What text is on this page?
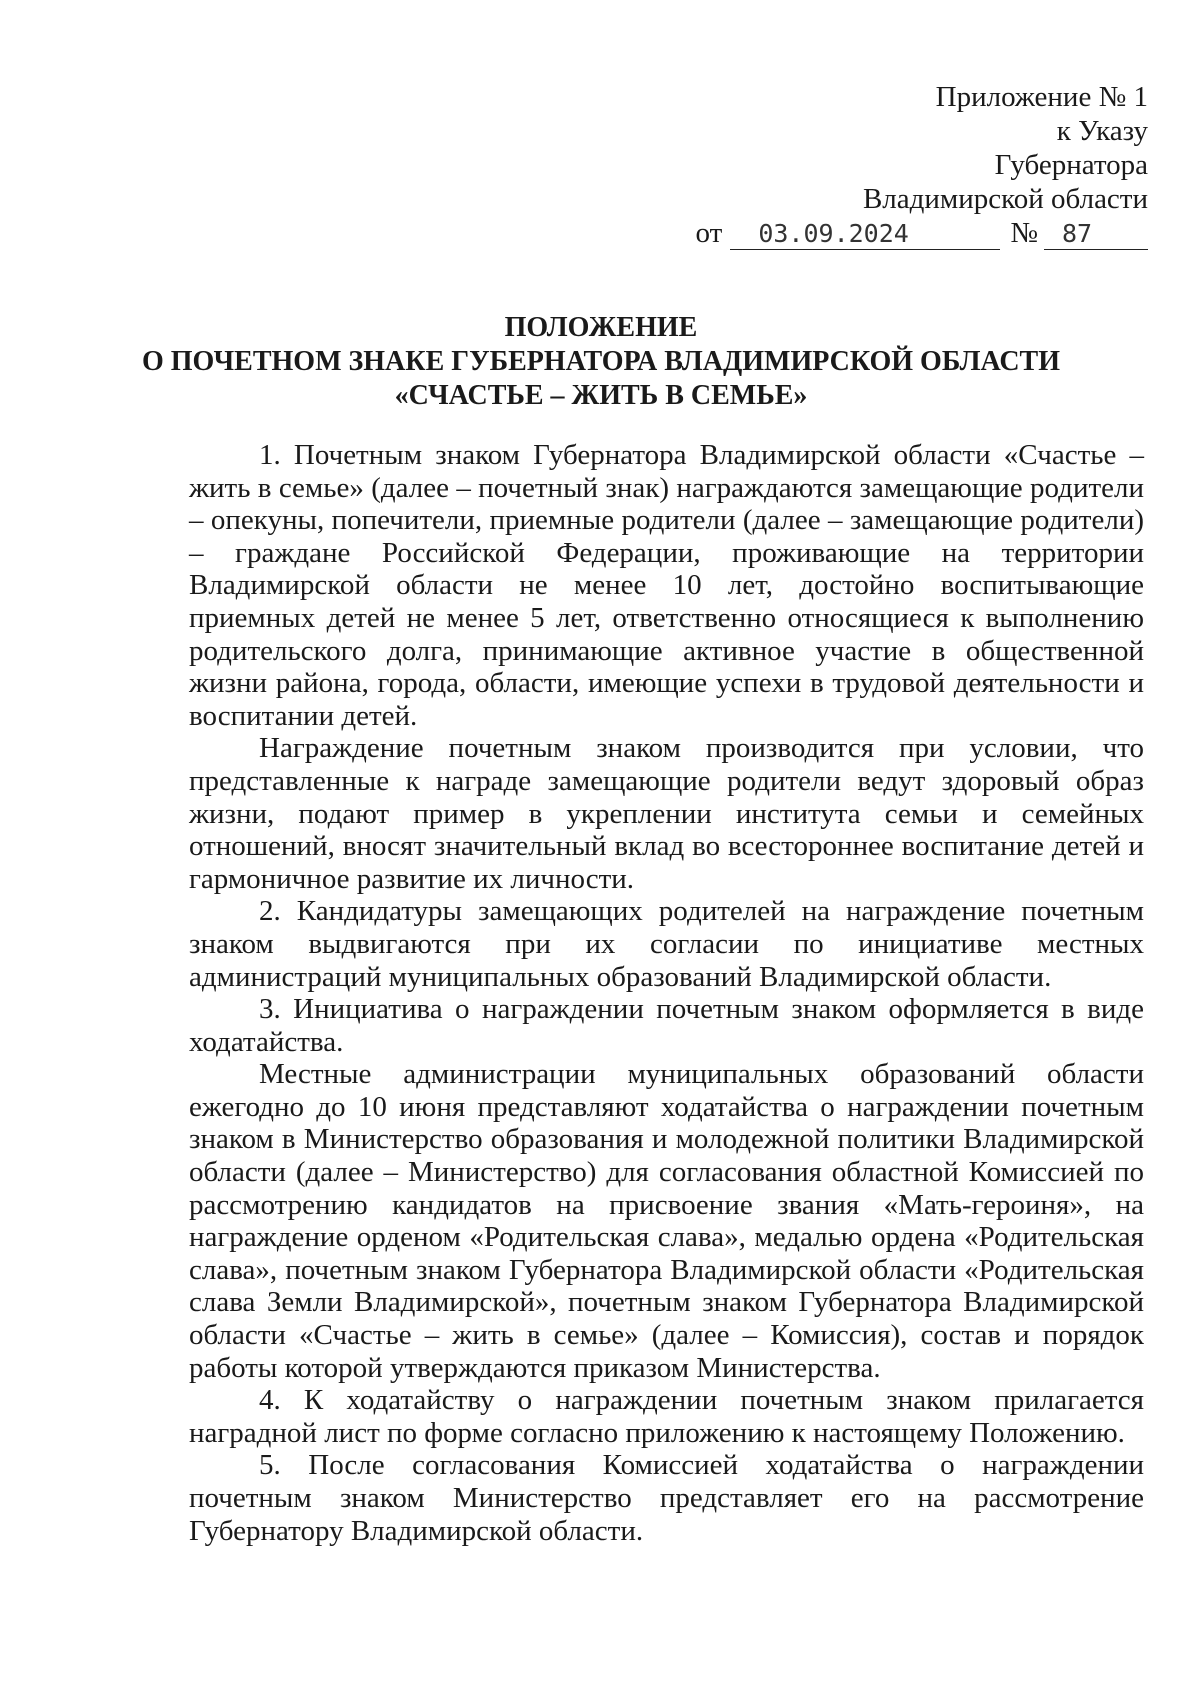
Приложение № 1
к Указу
Губернатора
Владимирской области
от	03.09.2024	№ 87
ПОЛОЖЕНИЕ
О ПОЧЕТНОМ ЗНАКЕ ГУБЕРНАТОРА ВЛАДИМИРСКОЙ ОБЛАСТИ
«СЧАСТЬЕ – ЖИТЬ В СЕМЬЕ»

1. Почетным знаком Губернатора Владимирской области «Счастье – жить в семье» (далее – почетный знак) награждаются замещающие родители – опекуны, попечители, приемные родители (далее – замещающие родители) – граждане Российской Федерации, проживающие на территории Владимирской области не менее 10 лет, достойно воспитывающие приемных детей не менее 5 лет, ответственно относящиеся к выполнению родительского долга, принимающие активное участие в общественной жизни района, города, области, имеющие успехи в трудовой деятельности и воспитании детей.

Награждение почетным знаком производится при условии, что представленные к награде замещающие родители ведут здоровый образ жизни, подают пример в укреплении института семьи и семейных отношений, вносят значительный вклад во всестороннее воспитание детей и гармоничное развитие их личности.

2. Кандидатуры замещающих родителей на награждение почетным знаком выдвигаются при их согласии по инициативе местных администраций муниципальных образований Владимирской области.

3. Инициатива о награждении почетным знаком оформляется в виде ходатайства.

Местные администрации муниципальных образований области ежегодно до 10 июня представляют ходатайства о награждении почетным знаком в Министерство образования и молодежной политики Владимирской области (далее – Министерство) для согласования областной Комиссией по рассмотрению кандидатов на присвоение звания «Мать-героиня», на награждение орденом «Родительская слава», медалью ордена «Родительская слава», почетным знаком Губернатора Владимирской области «Родительская слава Земли Владимирской», почетным знаком Губернатора Владимирской области «Счастье – жить в семье» (далее – Комиссия), состав и порядок работы которой утверждаются приказом Министерства.

4. К ходатайству о награждении почетным знаком прилагается наградной лист по форме согласно приложению к настоящему Положению.

5. После согласования Комиссией ходатайства о награждении почетным знаком Министерство представляет его на рассмотрение Губернатору Владимирской области.
